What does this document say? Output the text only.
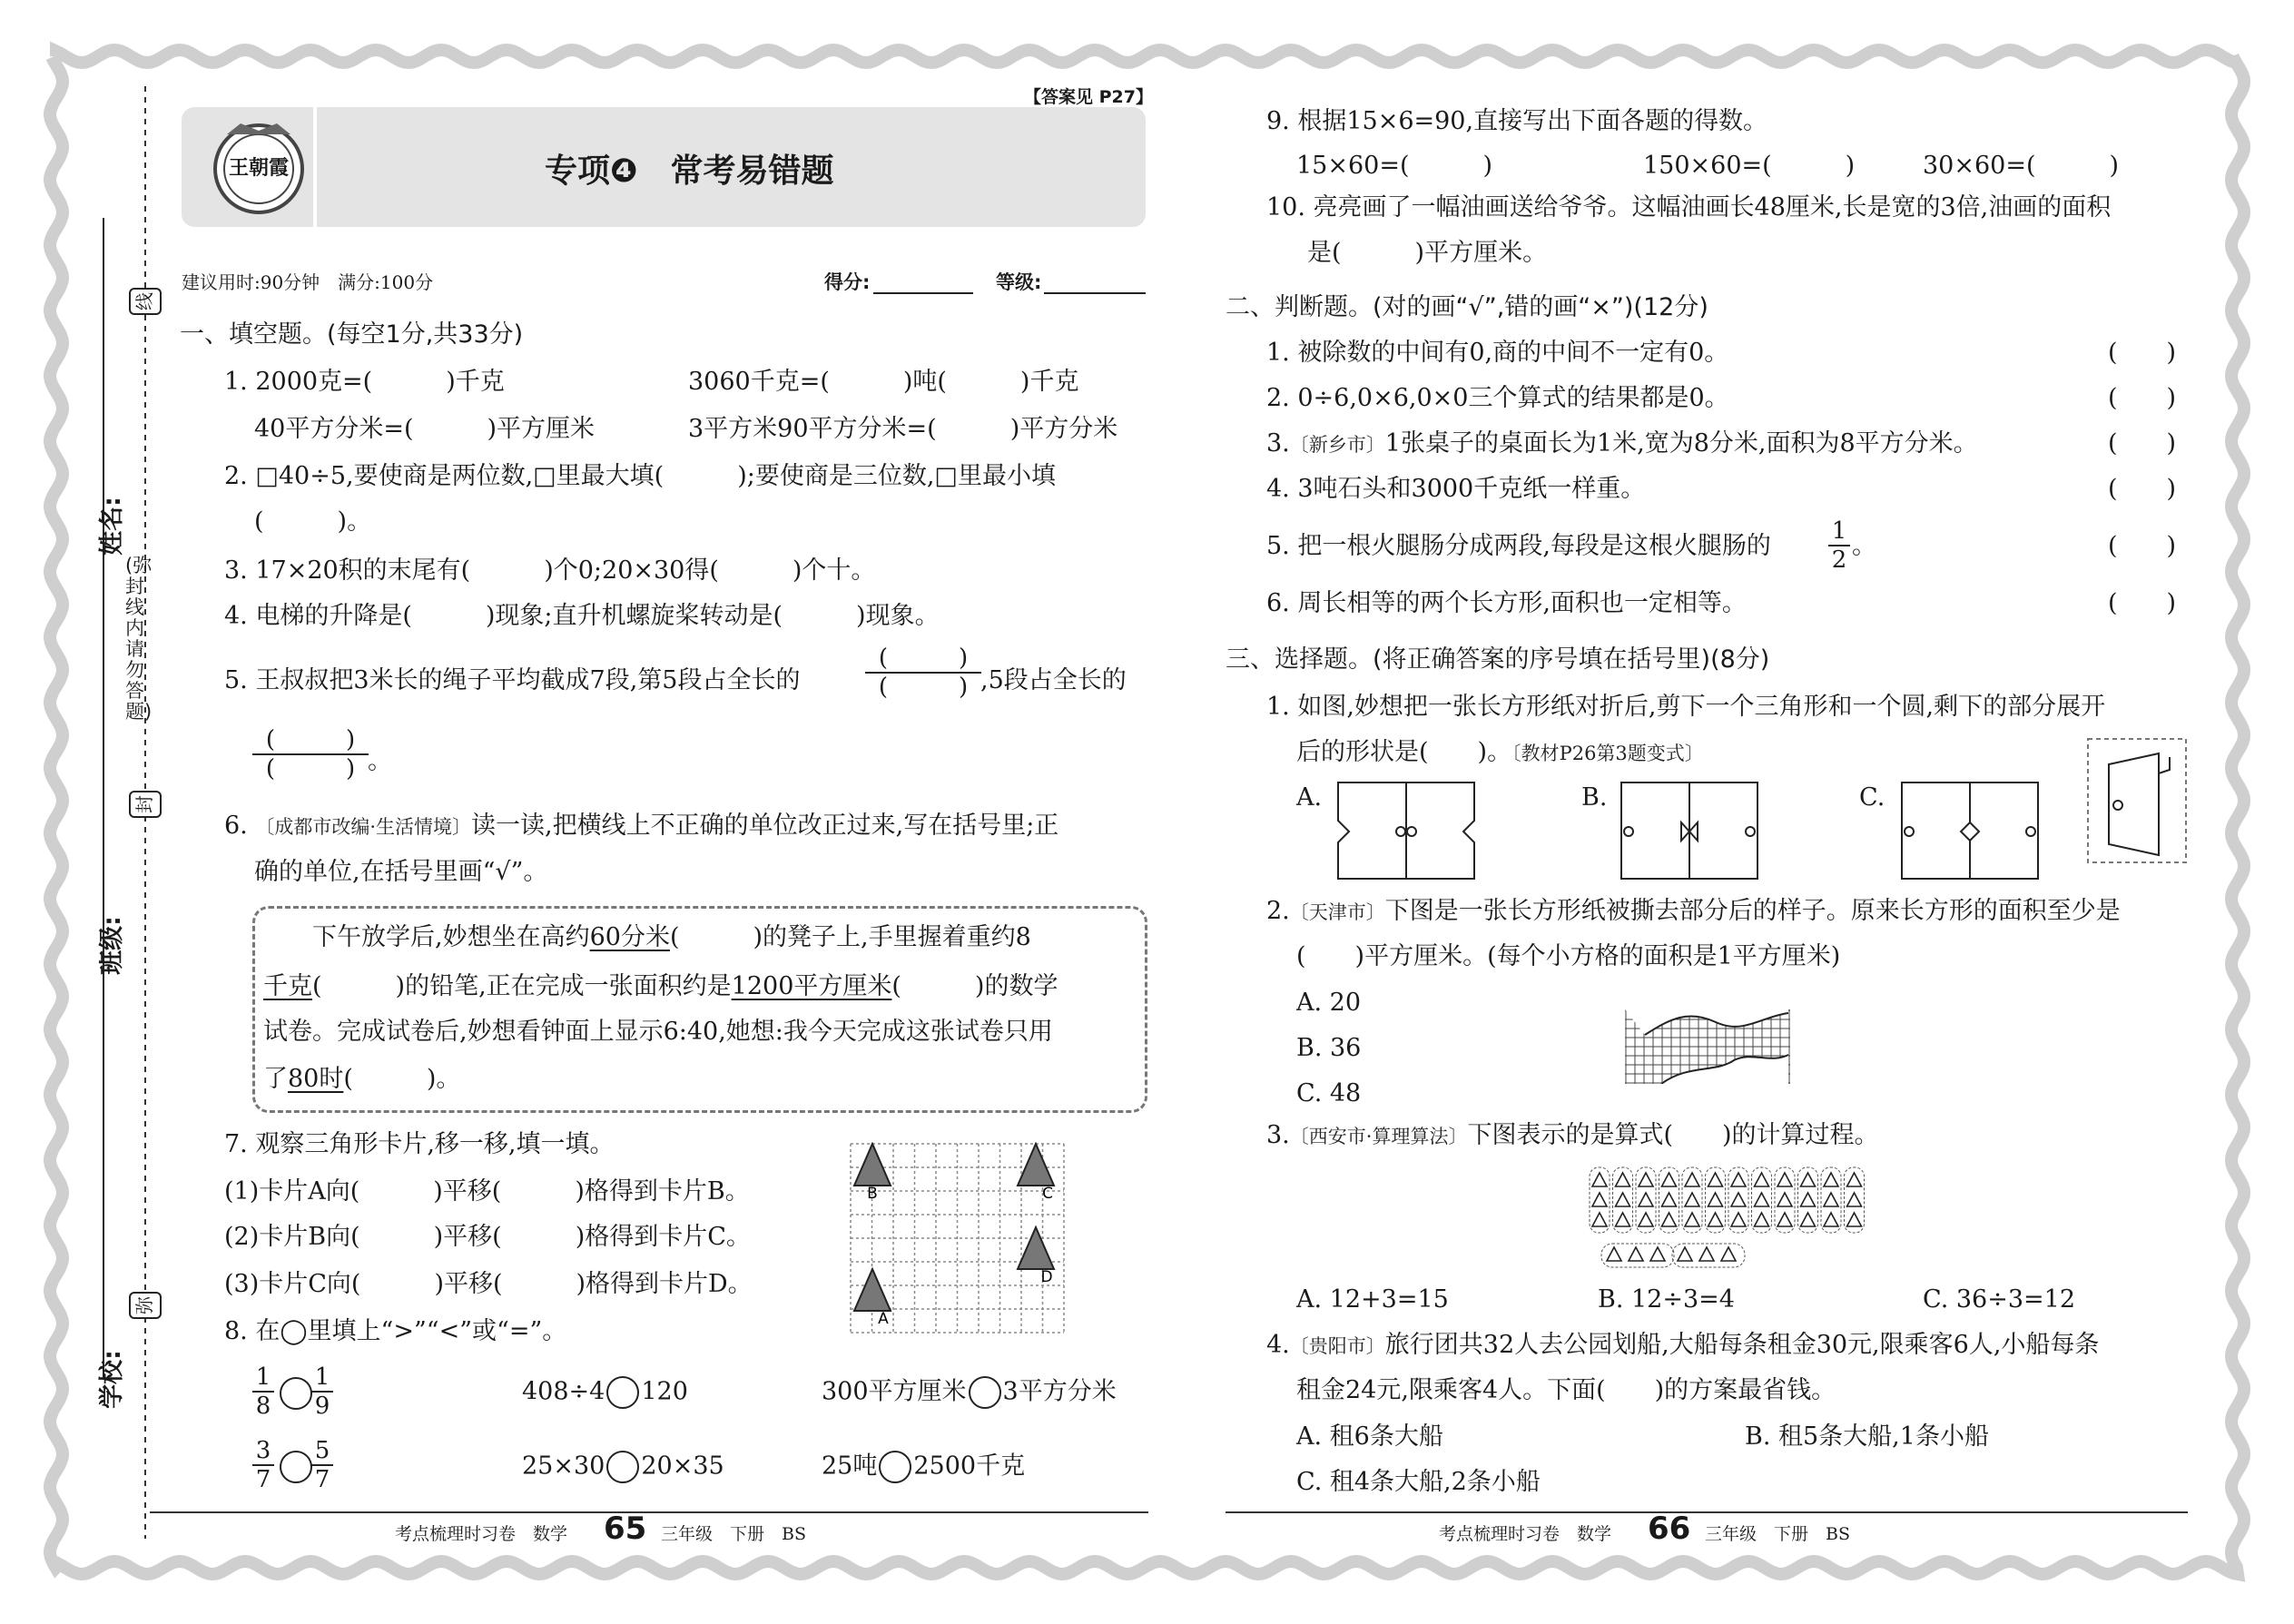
线
姓名:
(弥封线内请勿答题)
封
班级:
弥
学校:
【答案见 P27】
王朝霞	专项❹　常考易错题
建议用时:90分钟　满分:100分	得分:	等级:
一、填空题。(每空1分,共33分)
1. 2000克=(　　　)千克	3060千克=(　　　)吨(　　　)千克
40平方分米=(　　　)平方厘米	3平方米90平方分米=(　　　)平方分米
2. □40÷5,要使商是两位数,□里最大填(　　　);要使商是三位数,□里最小填
(　　　)。
3. 17×20积的末尾有(　　　)个0;20×30得(　　　)个十。
4. 电梯的升降是(　　　)现象;直升机螺旋桨转动是(　　　)现象。
5. 王叔叔把3米长的绳子平均截成7段,第5段占全长的
(　　　)
(　　　) ,5段占全长的
(　　　)
(　　　) 。
6. 〔成都市改编·生活情境〕读一读,把横线上不正确的单位改正过来,写在括号里;正
确的单位,在括号里画“√”。
下午放学后,妙想坐在高约60分米(　　　)的凳子上,手里握着重约8
千克(　　　)的铅笔,正在完成一张面积约是1200平方厘米(　　　)的数学
试卷。完成试卷后,妙想看钟面上显示6:40,她想:我今天完成这张试卷只用
了80时(　　　)。
7. 观察三角形卡片,移一移,填一填。
(1)卡片A向(　　　)平移(　　　)格得到卡片B。
(2)卡片B向(　　　)平移(　　　)格得到卡片C。
(3)卡片C向(　　　)平移(　　　)格得到卡片D。
B	C
D
A
8. 在◯里填上“>”“<”或“=”。
$\frac{1}{8} \frac{1}{9}$	408÷4 120	300平方厘米 3平方分米
$\frac{3}{7} \frac{5}{7}$	25×30 20×35	25吨 2500千克
考点梳理时习卷　数学 65 三年级　下册　BS
9. 根据15×6=90,直接写出下面各题的得数。
15×60=(　　　)	150×60=(　　　)	30×60=(　　　)
10. 亮亮画了一幅油画送给爷爷。这幅油画长48厘米,长是宽的3倍,油画的面积
是(　　　)平方厘米。
二、判断题。(对的画“√”,错的画“×”)(12分)
1. 被除数的中间有0,商的中间不一定有0。	(　　)
2. 0÷6,0×6,0×0三个算式的结果都是0。	(　　)
3.〔新乡市〕1张桌子的桌面长为1米,宽为8分米,面积为8平方分米。	(　　)
4. 3吨石头和3000千克纸一样重。	(　　)
5. 把一根火腿肠分成两段,每段是这根火腿肠的 $\frac{1}{2}$ 。	(　　)
6. 周长相等的两个长方形,面积也一定相等。	(　　)
三、选择题。(将正确答案的序号填在括号里)(8分)
1. 如图,妙想把一张长方形纸对折后,剪下一个三角形和一个圆,剩下的部分展开
后的形状是(　　)。〔教材P26第3题变式〕
A.	B.	C.
2.〔天津市〕下图是一张长方形纸被撕去部分后的样子。原来长方形的面积至少是
(　　)平方厘米。(每个小方格的面积是1平方厘米)
A. 20
B. 36
C. 48
3.〔西安市·算理算法〕下图表示的是算式(　　)的计算过程。
A. 12+3=15	B. 12÷3=4	C. 36÷3=12
4.〔贵阳市〕旅行团共32人去公园划船,大船每条租金30元,限乘客6人,小船每条
租金24元,限乘客4人。下面(　　)的方案最省钱。
A. 租6条大船	B. 租5条大船,1条小船
C. 租4条大船,2条小船
考点梳理时习卷　数学 66 三年级　下册　BS
